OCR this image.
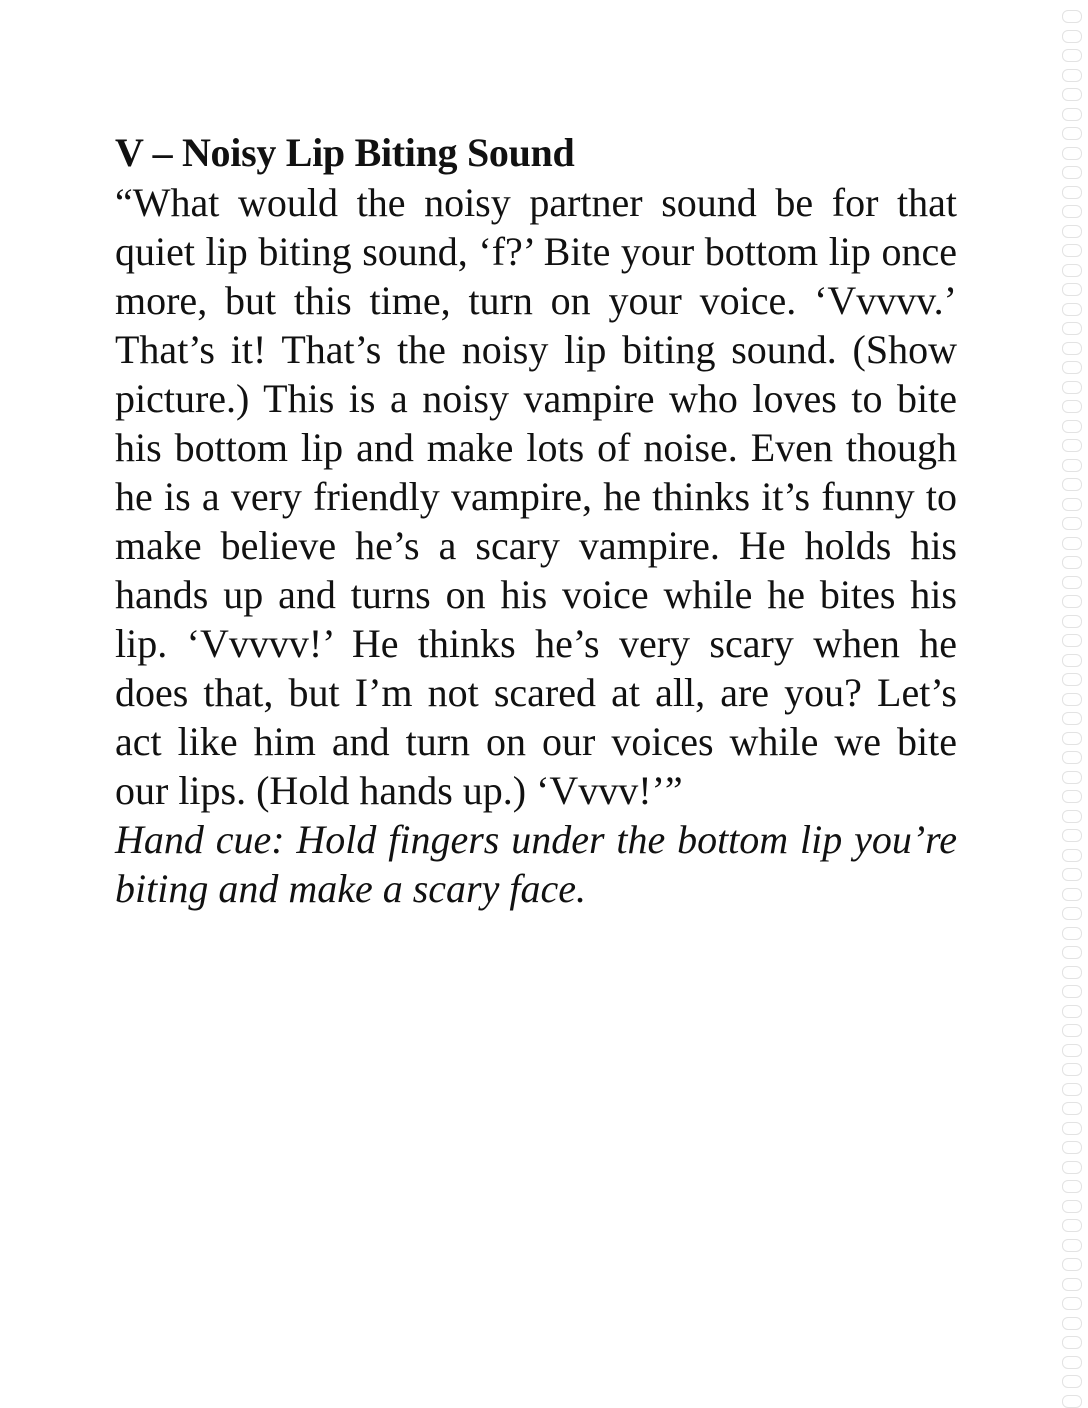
V – Noisy Lip Biting Sound

“What would the noisy partner sound be for that quiet lip biting sound, ‘f?’ Bite your bottom lip once more, but this time, turn on your voice. ‘Vvvvv.’ That’s it! That’s the noisy lip biting sound. (Show picture.) This is a noisy vampire who loves to bite his bottom lip and make lots of noise. Even though he is a very friendly vampire, he thinks it’s funny to make believe he’s a scary vampire. He holds his hands up and turns on his voice while he bites his lip. ‘Vvvvv!’ He thinks he’s very scary when he does that, but I’m not scared at all, are you? Let’s act like him and turn on our voices while we bite our lips. (Hold hands up.) ‘Vvvv!’”

Hand cue: Hold fingers under the bottom lip you’re biting and make a scary face.
